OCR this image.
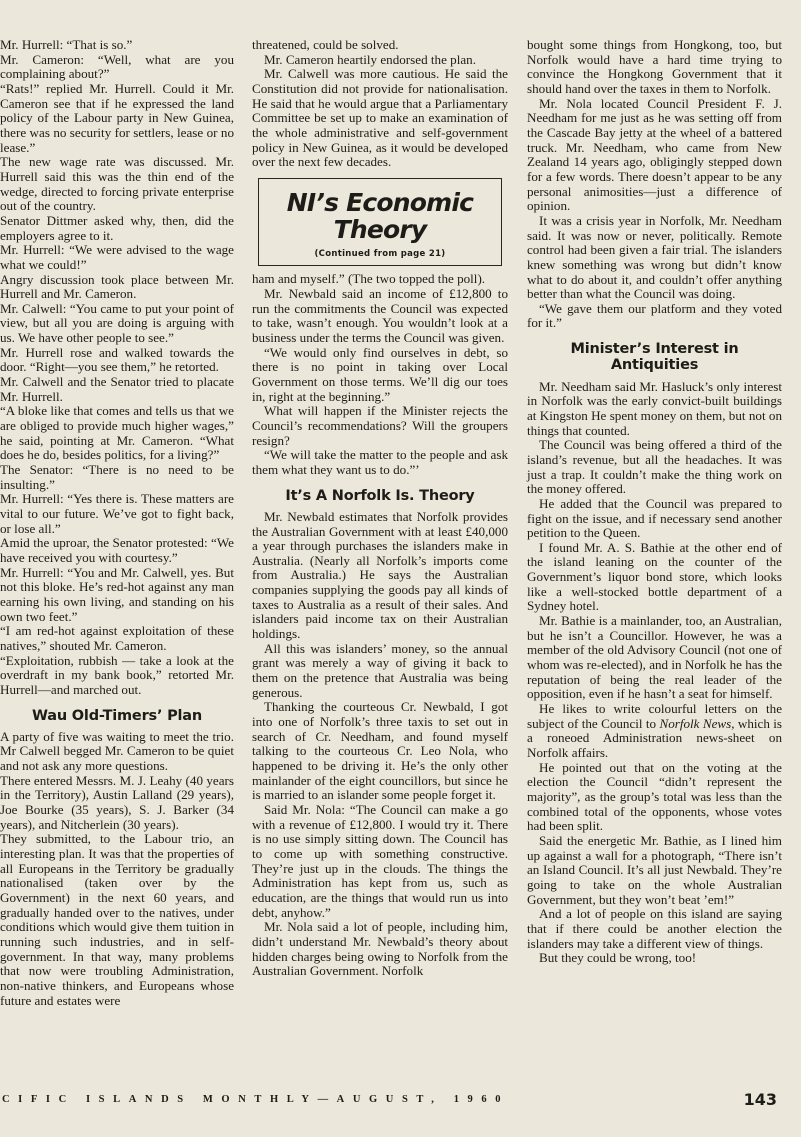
Mr. Hurrell: “That is so.”

Mr. Cameron: “Well, what are you complaining about?”

“Rats!” replied Mr. Hurrell. Could it Mr. Cameron see that if he expressed the land policy of the Labour party in New Guinea, there was no security for settlers, lease or no lease.”

The new wage rate was discussed. Mr. Hurrell said this was the thin end of the wedge, directed to forcing private enterprise out of the country.

Senator Dittmer asked why, then, did the employers agree to it.

Mr. Hurrell: “We were advised to the wage what we could!”

Angry discussion took place between Mr. Hurrell and Mr. Cameron.

Mr. Calwell: “You came to put your point of view, but all you are doing is arguing with us. We have other people to see.”

Mr. Hurrell rose and walked towards the door. “Right—you see them,” he retorted.

Mr. Calwell and the Senator tried to placate Mr. Hurrell.

“A bloke like that comes and tells us that we are obliged to provide much higher wages,” he said, pointing at Mr. Cameron. “What does he do, besides politics, for a living?”

The Senator: “There is no need to be insulting.”

Mr. Hurrell: “Yes there is. These matters are vital to our future. We’ve got to fight back, or lose all.”

Amid the uproar, the Senator protested: “We have received you with courtesy.”

Mr. Hurrell: “You and Mr. Calwell, yes. But not this bloke. He’s red-hot against any man earning his own living, and standing on his own two feet.”

“I am red-hot against exploitation of these natives,” shouted Mr. Cameron.

“Exploitation, rubbish — take a look at the overdraft in my bank book,” retorted Mr. Hurrell—and marched out.

Wau Old-Timers’ Plan

A party of five was waiting to meet the trio. Mr Calwell begged Mr. Cameron to be quiet and not ask any more questions.

There entered Messrs. M. J. Leahy (40 years in the Territory), Austin Lalland (29 years), Joe Bourke (35 years), S. J. Barker (34 years), and Nitcherlein (30 years).

They submitted, to the Labour trio, an interesting plan. It was that the properties of all Europeans in the Territory be gradually nationalised (taken over by the Government) in the next 60 years, and gradually handed over to the natives, under conditions which would give them tuition in running such industries, and in self-government. In that way, many problems that now were troubling Administration, non-native thinkers, and Europeans whose future and estates were

threatened, could be solved.

Mr. Cameron heartily endorsed the plan.

Mr. Calwell was more cautious. He said the Constitution did not provide for nationalisation. He said that he would argue that a Parliamentary Committee be set up to make an examination of the whole administrative and self-government policy in New Guinea, as it would be developed over the next few decades.

NI’s Economic Theory
(Continued from page 21)

ham and myself.” (The two topped the poll).

Mr. Newbald said an income of £12,800 to run the commitments the Council was expected to take, wasn’t enough. You wouldn’t look at a business under the terms the Council was given.

“We would only find ourselves in debt, so there is no point in taking over Local Government on those terms. We’ll dig our toes in, right at the beginning.”

What will happen if the Minister rejects the Council’s recommendations? Will the groupers resign?

“We will take the matter to the people and ask them what they want us to do.”’

It’s A Norfolk Is. Theory

Mr. Newbald estimates that Norfolk provides the Australian Government with at least £40,000 a year through purchases the islanders make in Australia. (Nearly all Norfolk’s imports come from Australia.) He says the Australian companies supplying the goods pay all kinds of taxes to Australia as a result of their sales. And islanders paid income tax on their Australian holdings.

All this was islanders’ money, so the annual grant was merely a way of giving it back to them on the pretence that Australia was being generous.

Thanking the courteous Cr. Newbald, I got into one of Norfolk’s three taxis to set out in search of Cr. Needham, and found myself talking to the courteous Cr. Leo Nola, who happened to be driving it. He’s the only other mainlander of the eight councillors, but since he is married to an islander some people forget it.

Said Mr. Nola: “The Council can make a go with a revenue of £12,800. I would try it. There is no use simply sitting down. The Council has to come up with something constructive. They’re just up in the clouds. The things the Administration has kept from us, such as education, are the things that would run us into debt, anyhow.”

Mr. Nola said a lot of people, including him, didn’t understand Mr. Newbald’s theory about hidden charges being owing to Norfolk from the Australian Government. Norfolk

bought some things from Hongkong, too, but Norfolk would have a hard time trying to convince the Hongkong Government that it should hand over the taxes in them to Norfolk.

Mr. Nola located Council President F. J. Needham for me just as he was setting off from the Cascade Bay jetty at the wheel of a battered truck. Mr. Needham, who came from New Zealand 14 years ago, obligingly stepped down for a few words. There doesn’t appear to be any personal animosities—just a difference of opinion.

It was a crisis year in Norfolk, Mr. Needham said. It was now or never, politically. Remote control had been given a fair trial. The islanders knew something was wrong but didn’t know what to do about it, and couldn’t offer anything better than what the Council was doing.

“We gave them our platform and they voted for it.”

Minister’s Interest in Antiquities

Mr. Needham said Mr. Hasluck’s only interest in Norfolk was the early convict-built buildings at Kingston He spent money on them, but not on things that counted.

The Council was being offered a third of the island’s revenue, but all the headaches. It was just a trap. It couldn’t make the thing work on the money offered.

He added that the Council was prepared to fight on the issue, and if necessary send another petition to the Queen.

I found Mr. A. S. Bathie at the other end of the island leaning on the counter of the Government’s liquor bond store, which looks like a well-stocked bottle department of a Sydney hotel.

Mr. Bathie is a mainlander, too, an Australian, but he isn’t a Councillor. However, he was a member of the old Advisory Council (not one of whom was re-elected), and in Norfolk he has the reputation of being the real leader of the opposition, even if he hasn’t a seat for himself.

He likes to write colourful letters on the subject of the Council to Norfolk News, which is a roneoed Administration news-sheet on Norfolk affairs.

He pointed out that on the voting at the election the Council “didn’t represent the majority”, as the group’s total was less than the combined total of the opponents, whose votes had been split.

Said the energetic Mr. Bathie, as I lined him up against a wall for a photograph, “There isn’t an Island Council. It’s all just Newbald. They’re going to take on the whole Australian Government, but they won’t beat ’em!”

And a lot of people on this island are saying that if there could be another election the islanders may take a different view of things.

But they could be wrong, too!

CIFIC ISLANDS MONTHLY—AUGUST, 1960	143
